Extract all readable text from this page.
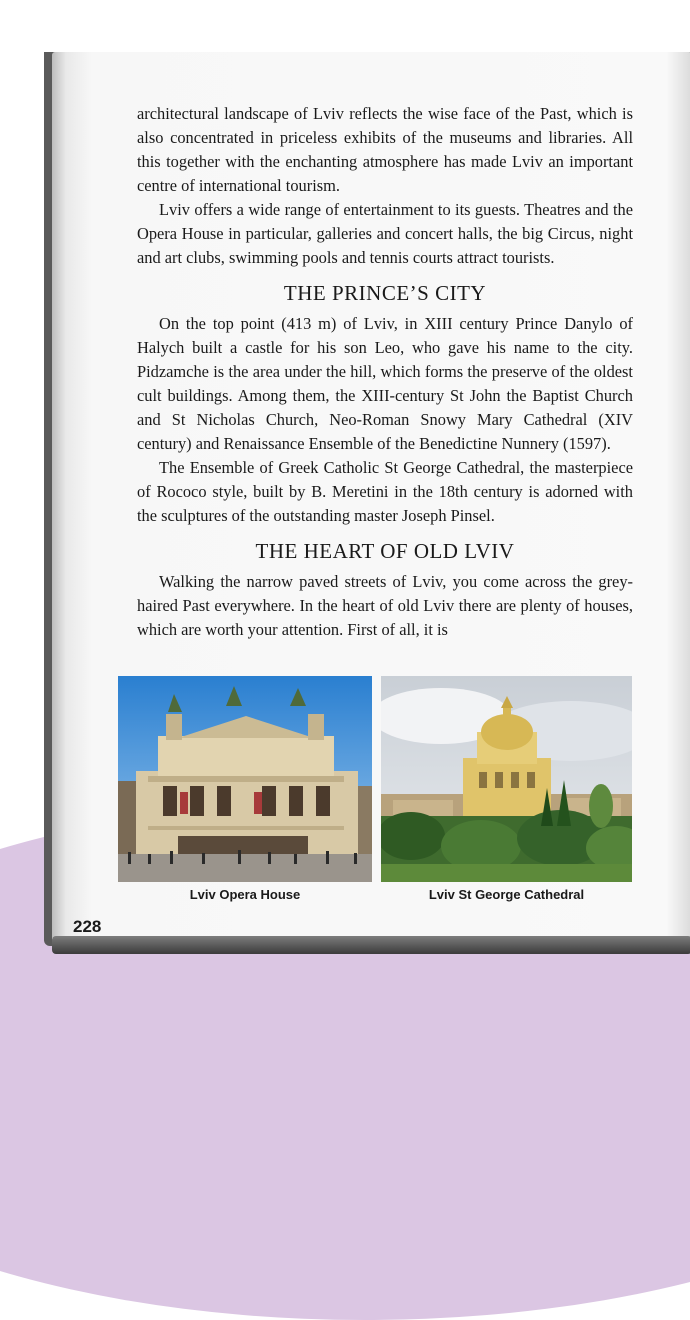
architectural landscape of Lviv reflects the wise face of the Past, which is also concentrated in priceless exhibits of the museums and libraries. All this together with the enchanting atmosphere has made Lviv an important centre of international tourism.

Lviv offers a wide range of entertainment to its guests. Theatres and the Opera House in particular, galleries and concert halls, the big Circus, night and art clubs, swimming pools and tennis courts attract tourists.

THE PRINCE’S CITY

On the top point (413 m) of Lviv, in XIII century Prince Danylo of Halych built a castle for his son Leo, who gave his name to the city. Pidzamche is the area under the hill, which forms the preserve of the oldest cult buildings. Among them, the XIII-century St John the Baptist Church and St Nicholas Church, Neo-Roman Snowy Mary Cathedral (XIV century) and Renaissance Ensemble of the Benedictine Nunnery (1597).

The Ensemble of Greek Catholic St George Cathedral, the masterpiece of Rococo style, built by B. Meretini in the 18th century is adorned with the sculptures of the outstanding master Joseph Pinsel.

THE HEART OF OLD LVIV

Walking the narrow paved streets of Lviv, you come across the grey-haired Past everywhere. In the heart of old Lviv there are plenty of houses, which are worth your attention. First of all, it is

Lviv Opera House	Lviv St George Cathedral
228
